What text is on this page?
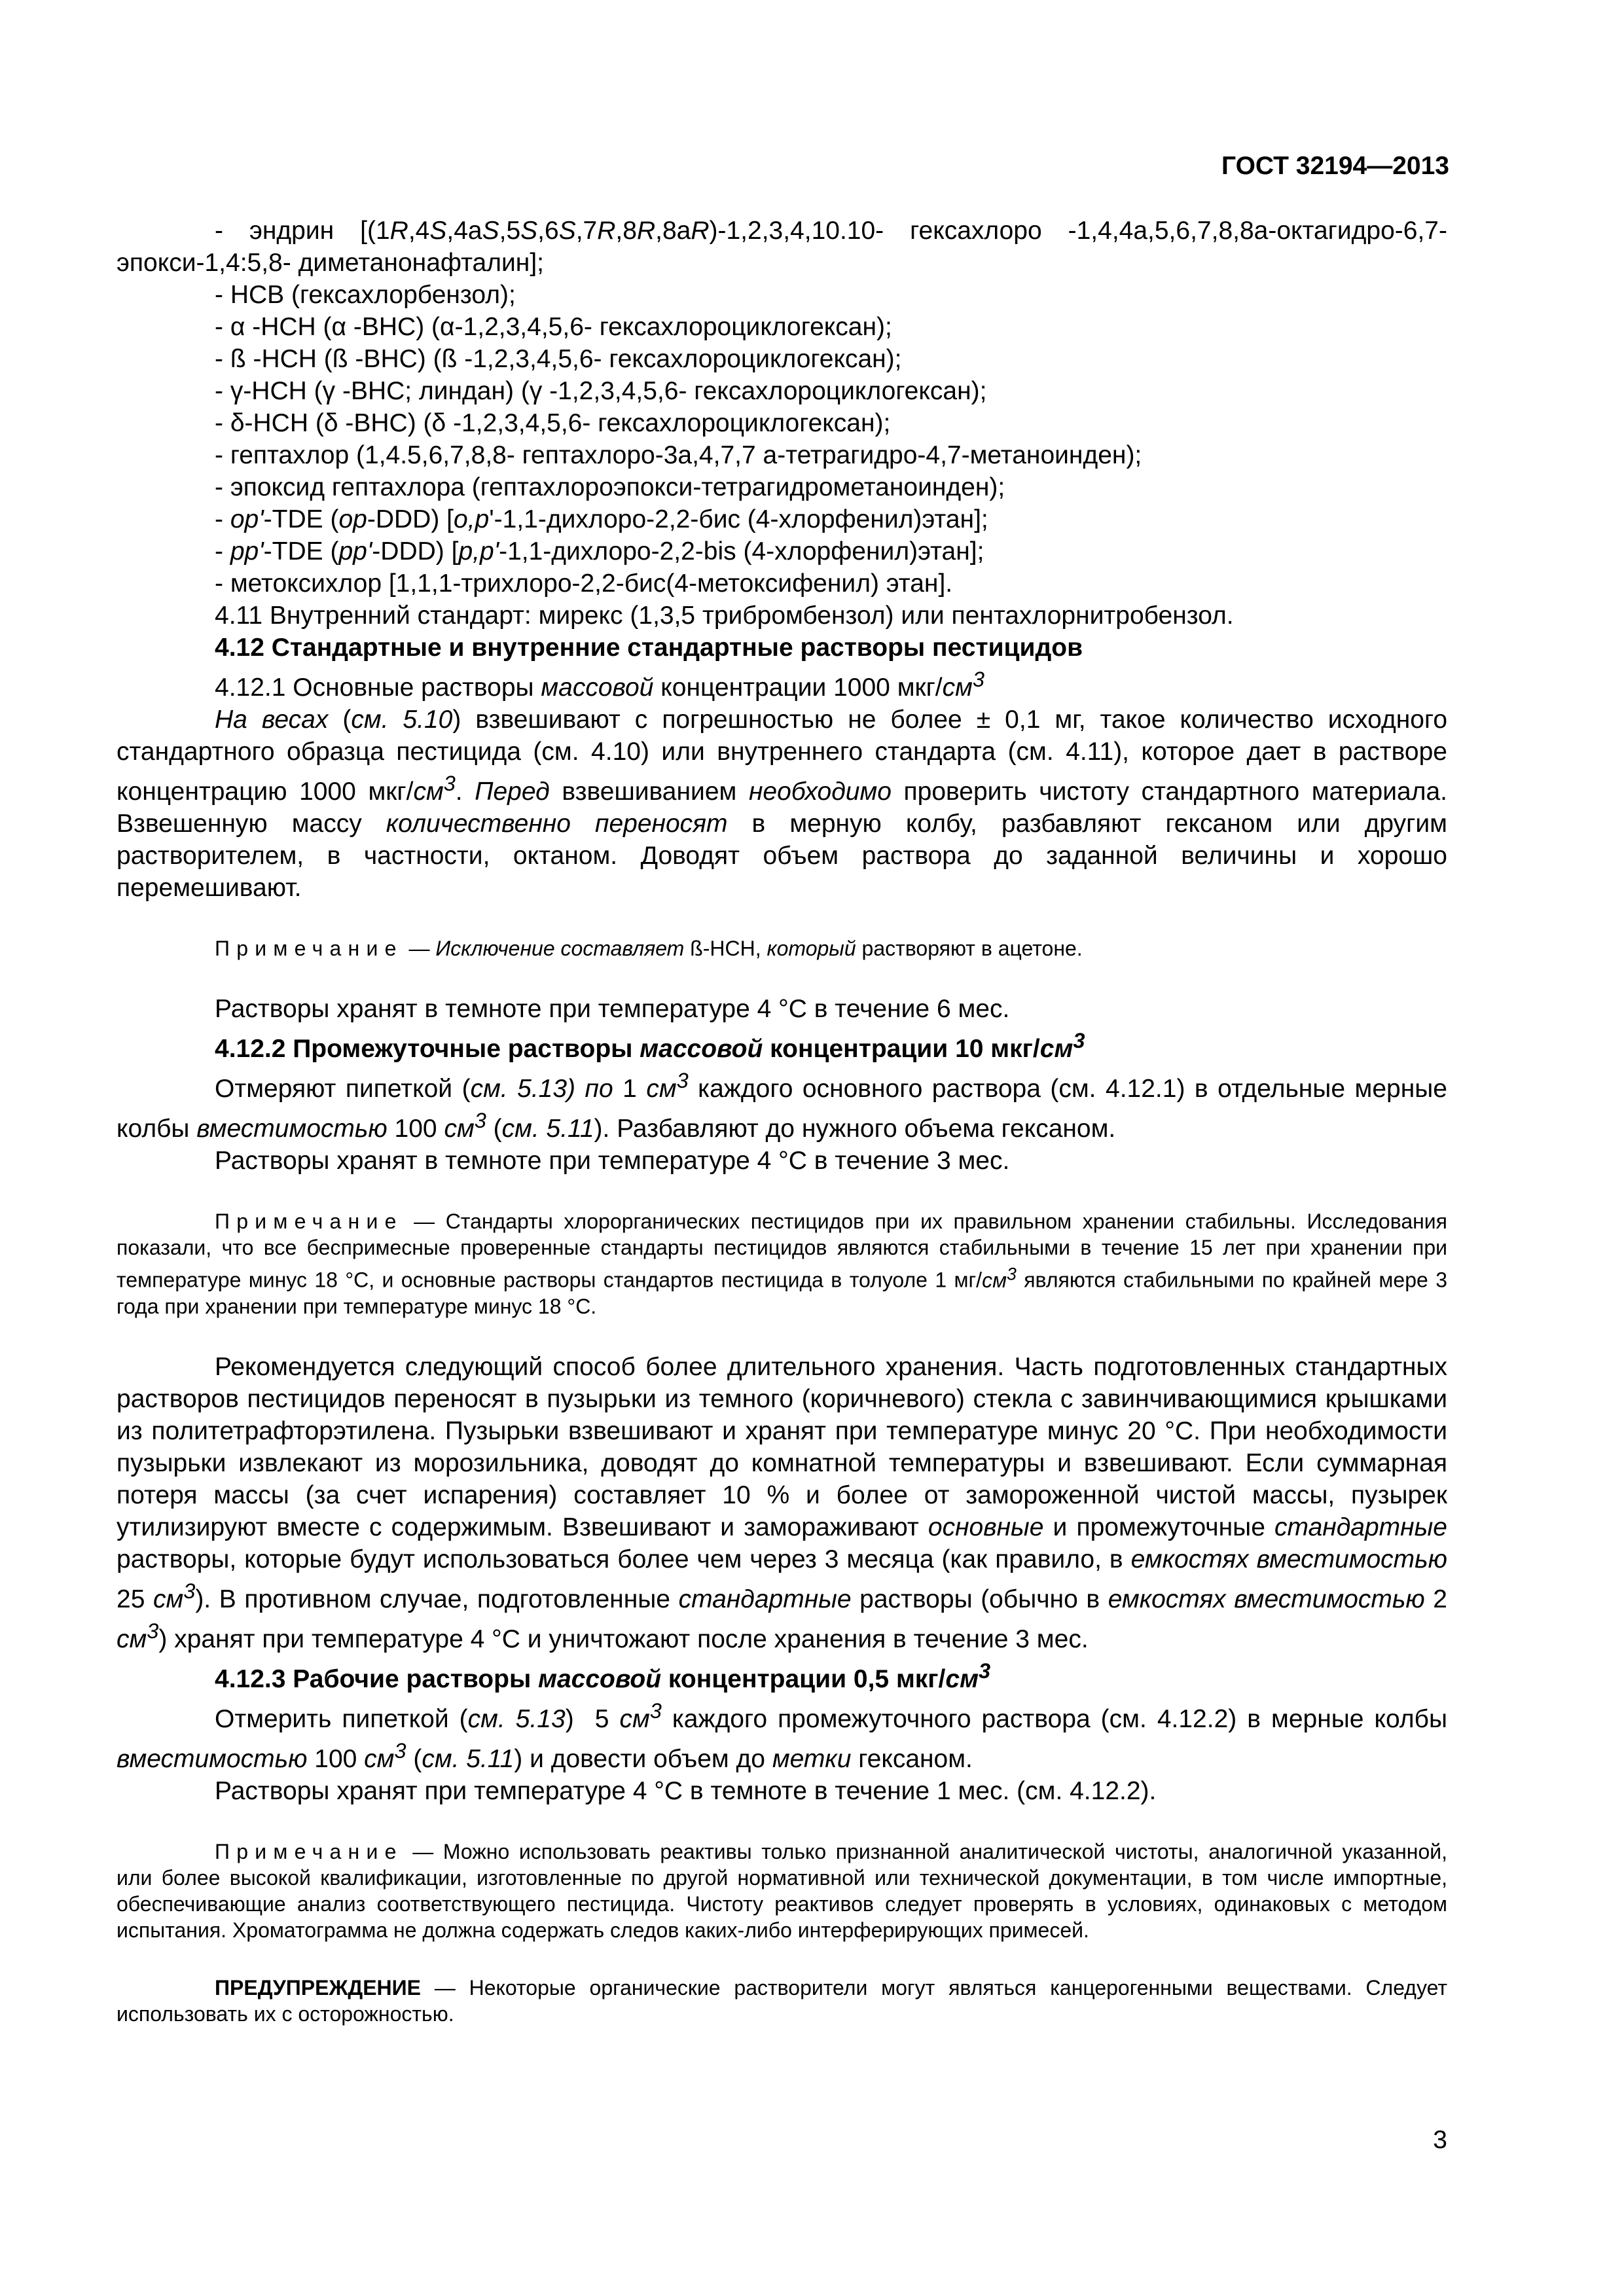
ГОСТ 32194—2013
- эндрин [(1R,4S,4aS,5S,6S,7R,8R,8aR)-1,2,3,4,10.10- гексахлоро -1,4,4a,5,6,7,8,8a-октагидро-6,7-эпокси-1,4:5,8- диметанонафталин];
- HCB (гексахлорбензол);
- α -HCH (α -BHC) (α-1,2,3,4,5,6- гексахлороциклогексан);
- ß -HCH (ß -BHC) (ß -1,2,3,4,5,6- гексахлороциклогексан);
- γ-HCH (γ -BHC; линдан) (γ -1,2,3,4,5,6- гексахлороциклогексан);
- δ-HCH (δ -BHC) (δ -1,2,3,4,5,6- гексахлороциклогексан);
- гептахлор (1,4.5,6,7,8,8- гептахлоро-3a,4,7,7 a-тетрагидро-4,7-метаноинден);
- эпоксид гептахлора (гептахлороэпокси-тетрагидрометаноинден);
- op'-TDE (op-DDD) [o,p'-1,1-дихлоро-2,2-бис (4-хлорфенил)этан];
- pp'-TDE (pp'-DDD) [p,p'-1,1-дихлоро-2,2-bis (4-хлорфенил)этан];
- метоксихлор [1,1,1-трихлоро-2,2-бис(4-метоксифенил) этан].

4.11 Внутренний стандарт: мирекс (1,3,5 трибромбензол) или пентахлорнитробензол.

4.12 Стандартные и внутренние стандартные растворы пестицидов

4.12.1 Основные растворы массовой концентрации 1000 мкг/$см^3$

На весах (см. 5.10) взвешивают с погрешностью не более ± 0,1 мг, такое количество исходного стандартного образца пестицида (см. 4.10) или внутреннего стандарта (см. 4.11), которое дает в растворе концентрацию 1000 мкг/$см^3$. Перед взвешиванием необходимо проверить чистоту стандартного материала. Взвешенную массу количественно переносят в мерную колбу, разбавляют гексаном или другим растворителем, в частности, октаном. Доводят объем раствора до заданной величины и хорошо перемешивают.

Примечание — Исключение составляет ß-HCH, который растворяют в ацетоне.

Растворы хранят в темноте при температуре 4 °С в течение 6 мес.

4.12.2 Промежуточные растворы массовой концентрации 10 мкг/$см^3$

Отмеряют пипеткой (см. 5.13) по 1 $см^3$ каждого основного раствора (см. 4.12.1) в отдельные мерные колбы вместимостью 100 $см^3$ (см. 5.11). Разбавляют до нужного объема гексаном.

Растворы хранят в темноте при температуре 4 °С в течение 3 мес.

Примечание — Стандарты хлорорганических пестицидов при их правильном хранении стабильны. Исследования показали, что все беспримесные проверенные стандарты пестицидов являются стабильными в течение 15 лет при хранении при температуре минус 18 °С, и основные растворы стандартов пестицида в толуоле 1 $мг/см^3$ являются стабильными по крайней мере 3 года при хранении при температуре минус 18 °С.

Рекомендуется следующий способ более длительного хранения. Часть подготовленных стандартных растворов пестицидов переносят в пузырьки из темного (коричневого) стекла с завинчивающимися крышками из политетрафторэтилена. Пузырьки взвешивают и хранят при температуре минус 20 °С. При необходимости пузырьки извлекают из морозильника, доводят до комнатной температуры и взвешивают. Если суммарная потеря массы (за счет испарения) составляет 10 % и более от замороженной чистой массы, пузырек утилизируют вместе с содержимым. Взвешивают и замораживают основные и промежуточные стандартные растворы, которые будут использоваться более чем через 3 месяца (как правило, в емкостях вместимостью 25 $см^3$). В противном случае, подготовленные стандартные растворы (обычно в емкостях вместимостью 2 $см^3$) хранят при температуре 4 °С и уничтожают после хранения в течение 3 мес.

4.12.3 Рабочие растворы массовой концентрации 0,5 мкг/$см^3$

Отмерить пипеткой (см. 5.13)  5 $см^3$ каждого промежуточного раствора (см. 4.12.2) в мерные колбы вместимостью 100 $см^3$ (см. 5.11) и довести объем до метки гексаном.

Растворы хранят при температуре 4 °С в темноте в течение 1 мес. (см. 4.12.2).

Примечание — Можно использовать реактивы только признанной аналитической чистоты, аналогичной указанной, или более высокой квалификации, изготовленные по другой нормативной или технической документации, в том числе импортные, обеспечивающие анализ соответствующего пестицида. Чистоту реактивов следует проверять в условиях, одинаковых с методом испытания. Хроматограмма не должна содержать следов каких-либо интерферирующих примесей.

ПРЕДУПРЕЖДЕНИЕ — Некоторые органические растворители могут являться канцерогенными веществами. Следует использовать их с осторожностью.

3
